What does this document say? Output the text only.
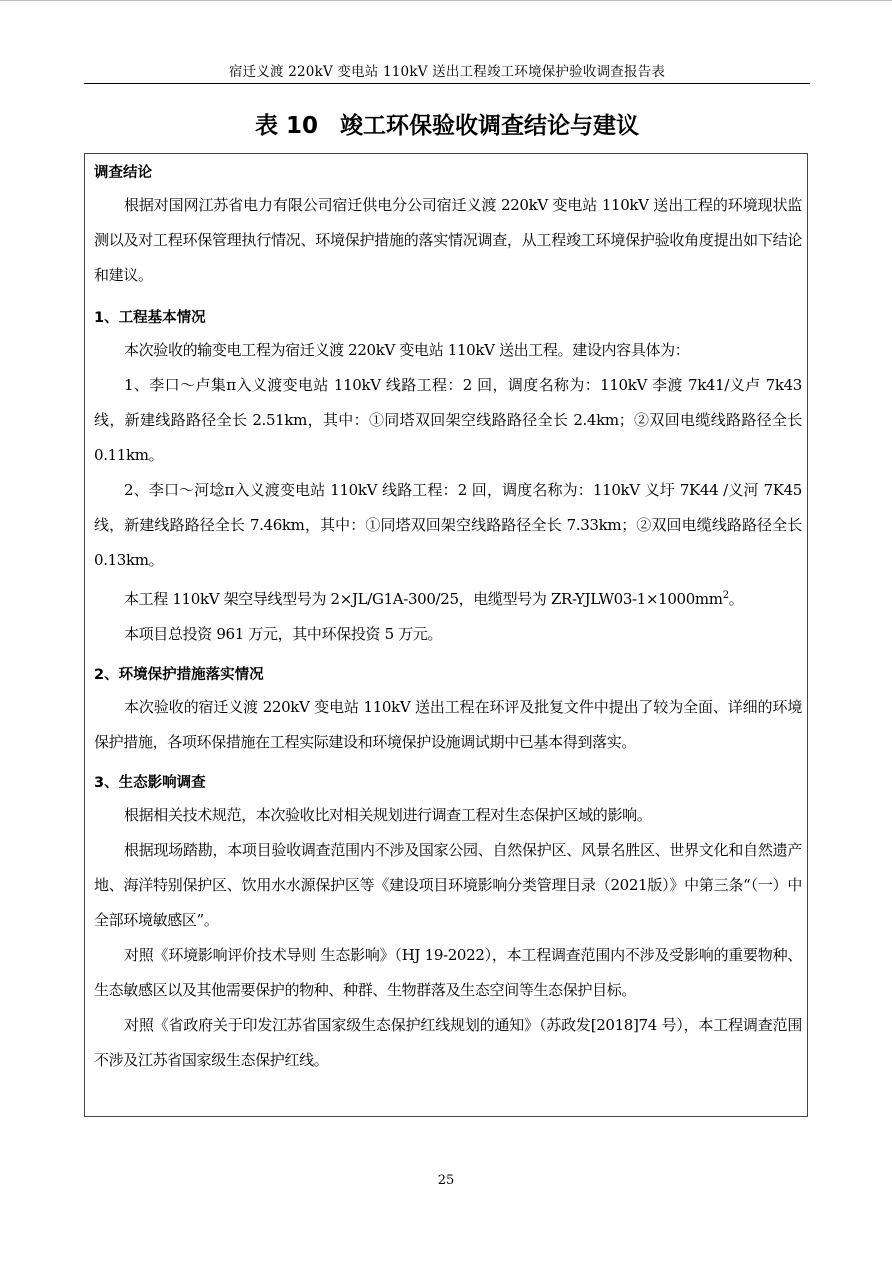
宿迁义渡 220kV 变电站 110kV 送出工程竣工环境保护验收调查报告表
表 10 竣工环保验收调查结论与建议

调查结论

根据对国网江苏省电力有限公司宿迁供电分公司宿迁义渡 220kV 变电站 110kV 送出工程的环境现状监测以及对工程环保管理执行情况、环境保护措施的落实情况调查，从工程竣工环境保护验收角度提出如下结论和建议。

1、工程基本情况

本次验收的输变电工程为宿迁义渡 220kV 变电站 110kV 送出工程。建设内容具体为：

1、李口～卢集π入义渡变电站 110kV 线路工程：2 回，调度名称为：110kV 李渡 7k41/义卢 7k43 线，新建线路路径全长 2.51km，其中：①同塔双回架空线路路径全长 2.4km；②双回电缆线路路径全长 0.11km。

2、李口～河埝π入义渡变电站 110kV 线路工程：2 回，调度名称为：110kV 义圩 7K44 /义河 7K45 线，新建线路路径全长 7.46km，其中：①同塔双回架空线路路径全长 7.33km；②双回电缆线路路径全长 0.13km。

本工程 110kV 架空导线型号为 2×JL/G1A-300/25，电缆型号为 $ZR-YJLW03-1\times 1000mm^2$。

本项目总投资 961 万元，其中环保投资 5 万元。

2、环境保护措施落实情况

本次验收的宿迁义渡 220kV 变电站 110kV 送出工程在环评及批复文件中提出了较为全面、详细的环境保护措施，各项环保措施在工程实际建设和环境保护设施调试期中已基本得到落实。

3、生态影响调查

根据相关技术规范，本次验收比对相关规划进行调查工程对生态保护区域的影响。

根据现场踏勘，本项目验收调查范围内不涉及国家公园、自然保护区、风景名胜区、世界文化和自然遗产地、海洋特别保护区、饮用水水源保护区等《建设项目环境影响分类管理目录（2021版）》中第三条“（一）中全部环境敏感区”。

对照《环境影响评价技术导则 生态影响》（HJ 19-2022），本工程调查范围内不涉及受影响的重要物种、生态敏感区以及其他需要保护的物种、种群、生物群落及生态空间等生态保护目标。

对照《省政府关于印发江苏省国家级生态保护红线规划的通知》（苏政发[2018]74 号），本工程调查范围不涉及江苏省国家级生态保护红线。

25
